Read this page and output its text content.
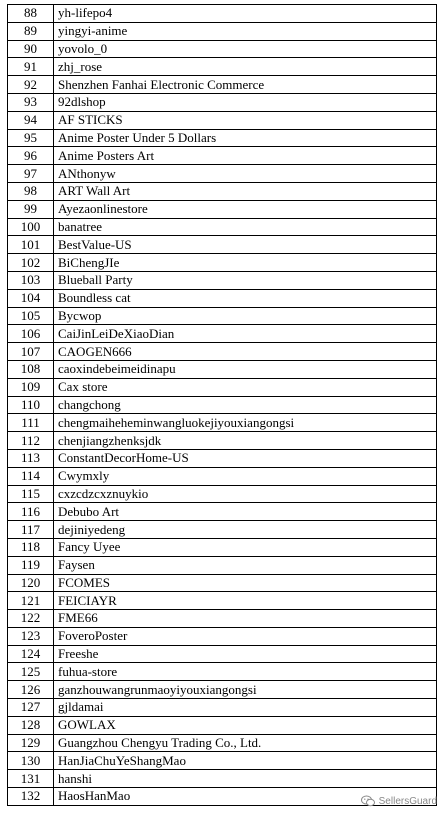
88	yh-lifepo4
89	yingyi-anime
90	yovolo_0
91	zhj_rose
92	Shenzhen Fanhai Electronic Commerce
93	92dlshop
94	AF STICKS
95	Anime Poster Under 5 Dollars
96	Anime Posters Art
97	ANthonyw
98	ART Wall Art
99	Ayezaonlinestore
100	banatree
101	BestValue-US
102	BiChengJIe
103	Blueball Party
104	Boundless cat
105	Bycwop
106	CaiJinLeiDeXiaoDian
107	CAOGEN666
108	caoxindebeimeidinapu
109	Cax store
110	changchong
111	chengmaiheheminwangluokejiyouxiangongsi
112	chenjiangzhenksjdk
113	ConstantDecorHome-US
114	Cwymxly
115	cxzcdzcxznuykio
116	Debubo Art
117	dejiniyedeng
118	Fancy Uyee
119	Faysen
120	FCOMES
121	FEICIAYR
122	FME66
123	FoveroPoster
124	Freeshe
125	fuhua-store
126	ganzhouwangrunmaoyiyouxiangongsi
127	gjldamai
128	GOWLAX
129	Guangzhou Chengyu Trading Co., Ltd.
130	HanJiaChuYeShangMao
131	hanshi
132	HaosHanMao	SellersGuard
